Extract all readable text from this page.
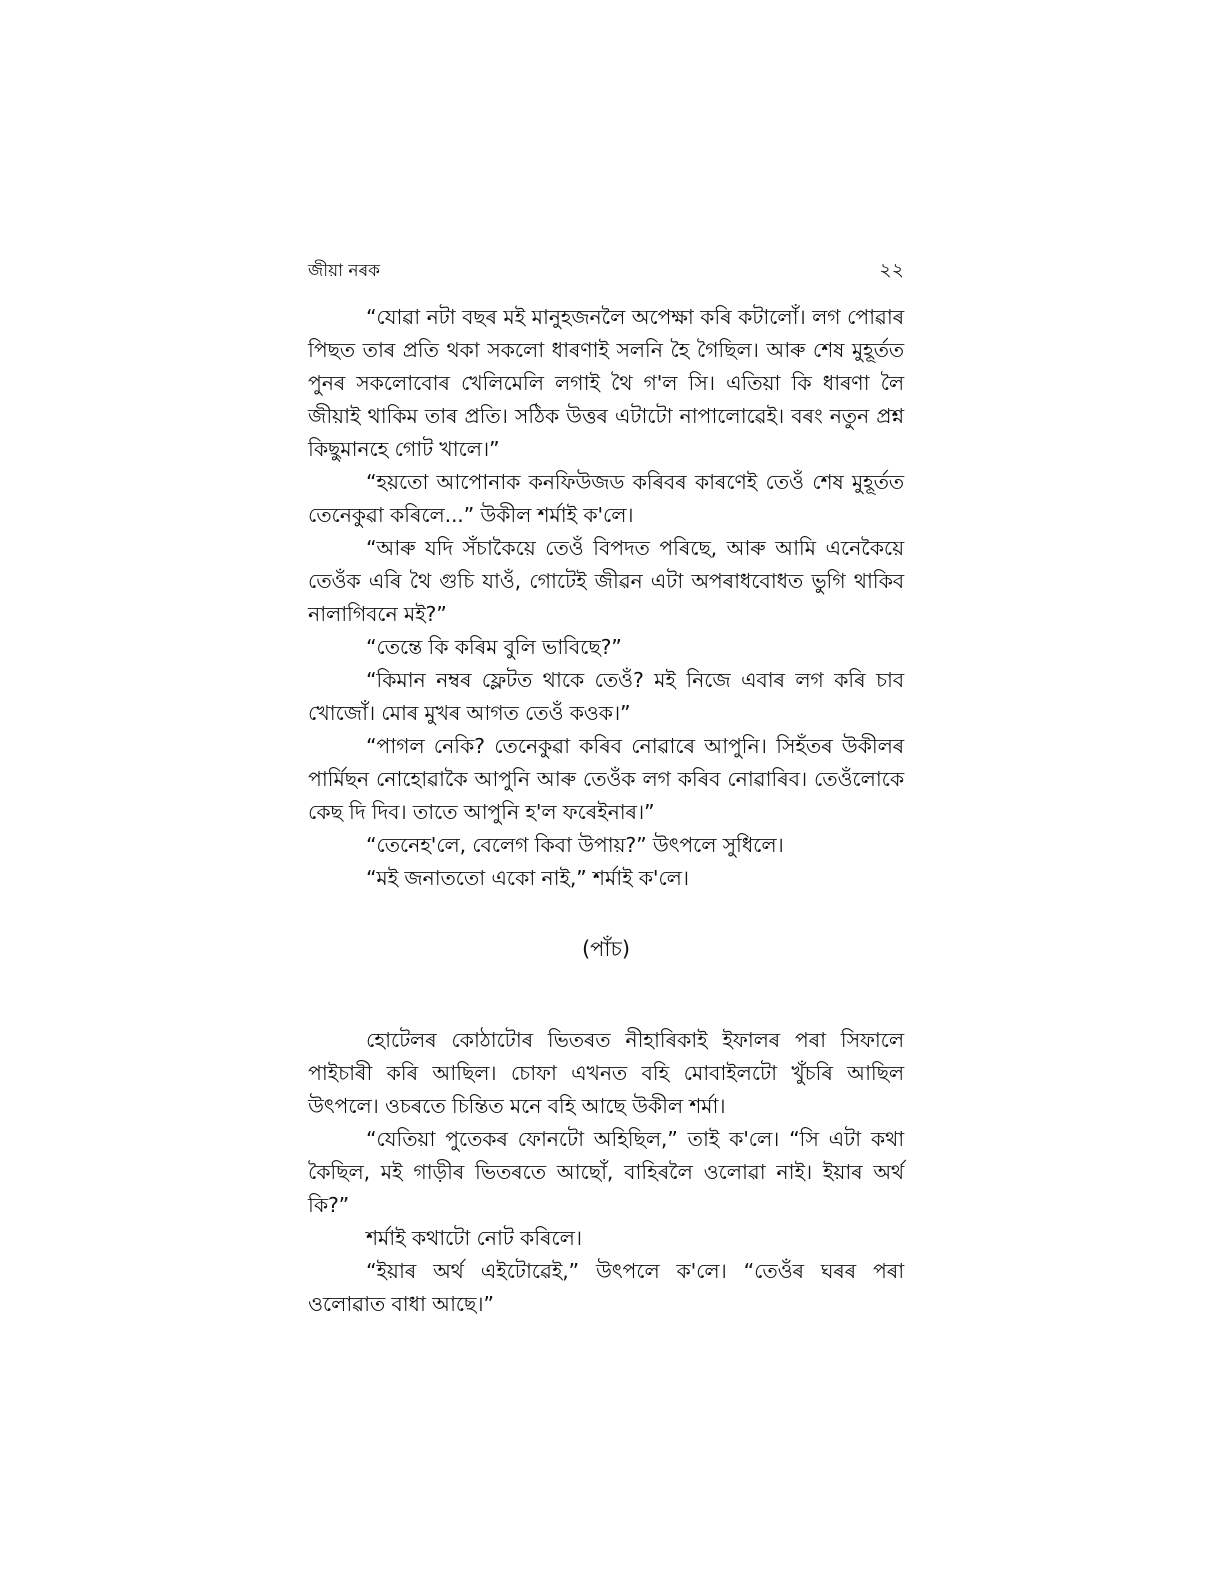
জীয়া নৰক	২২

“যোৱা নটা বছৰ মই মানুহজনলৈ অপেক্ষা কৰি কটালোঁ। লগ পোৱাৰ পিছত তাৰ প্ৰতি থকা সকলো ধাৰণাই সলনি হৈ গৈছিল। আৰু শেষ মুহূৰ্তত পুনৰ সকলোবোৰ খেলিমেলি লগাই থৈ গ'ল সি। এতিয়া কি ধাৰণা লৈ জীয়াই থাকিম তাৰ প্ৰতি। সঠিক উত্তৰ এটাটো নাপালোৱেই। বৰং নতুন প্ৰশ্ন কিছুমানহে গোট খালে।”

“হয়তো আপোনাক কনফিউজড কৰিবৰ কাৰণেই তেওঁ শেষ মুহূৰ্তত তেনেকুৱা কৰিলে...” উকীল শৰ্মাই ক'লে।

“আৰু যদি সঁচাকৈয়ে তেওঁ বিপদত পৰিছে, আৰু আমি এনেকৈয়ে তেওঁক এৰি থৈ গুচি যাওঁ, গোটেই জীৱন এটা অপৰাধবোধত ভুগি থাকিব নালাগিবনে মই?”

“তেন্তে কি কৰিম বুলি ভাবিছে?”

“কিমান নম্বৰ ফ্লেটত থাকে তেওঁ? মই নিজে এবাৰ লগ কৰি চাব খোজোঁ। মোৰ মুখৰ আগত তেওঁ কওক।”

“পাগল নেকি? তেনেকুৱা কৰিব নোৱাৰে আপুনি। সিহঁতৰ উকীলৰ পাৰ্মিছন নোহোৱাকৈ আপুনি আৰু তেওঁক লগ কৰিব নোৱাৰিব। তেওঁলোকে কেছ দি দিব। তাতে আপুনি হ'ল ফৰেইনাৰ।”

“তেনেহ'লে, বেলেগ কিবা উপায়?” উৎপলে সুধিলে।

“মই জনাততো একো নাই,” শৰ্মাই ক'লে।

(পাঁচ)

হোটেলৰ কোঠাটোৰ ভিতৰত নীহাৰিকাই ইফালৰ পৰা সিফালে পাইচাৰী কৰি আছিল। চোফা এখনত বহি মোবাইলটো খুঁচৰি আছিল উৎপলে। ওচৰতে চিন্তিত মনে বহি আছে উকীল শৰ্মা।

“যেতিয়া পুতেকৰ ফোনটো অহিছিল,” তাই ক'লে। “সি এটা কথা কৈছিল, মই গাড়ীৰ ভিতৰতে আছোঁ, বাহিৰলৈ ওলোৱা নাই। ইয়াৰ অৰ্থ কি?”

শৰ্মাই কথাটো নোট কৰিলে।

“ইয়াৰ অৰ্থ এইটোৱেই,” উৎপলে ক'লে। “তেওঁৰ ঘৰৰ পৰা ওলোৱাত বাধা আছে।”
